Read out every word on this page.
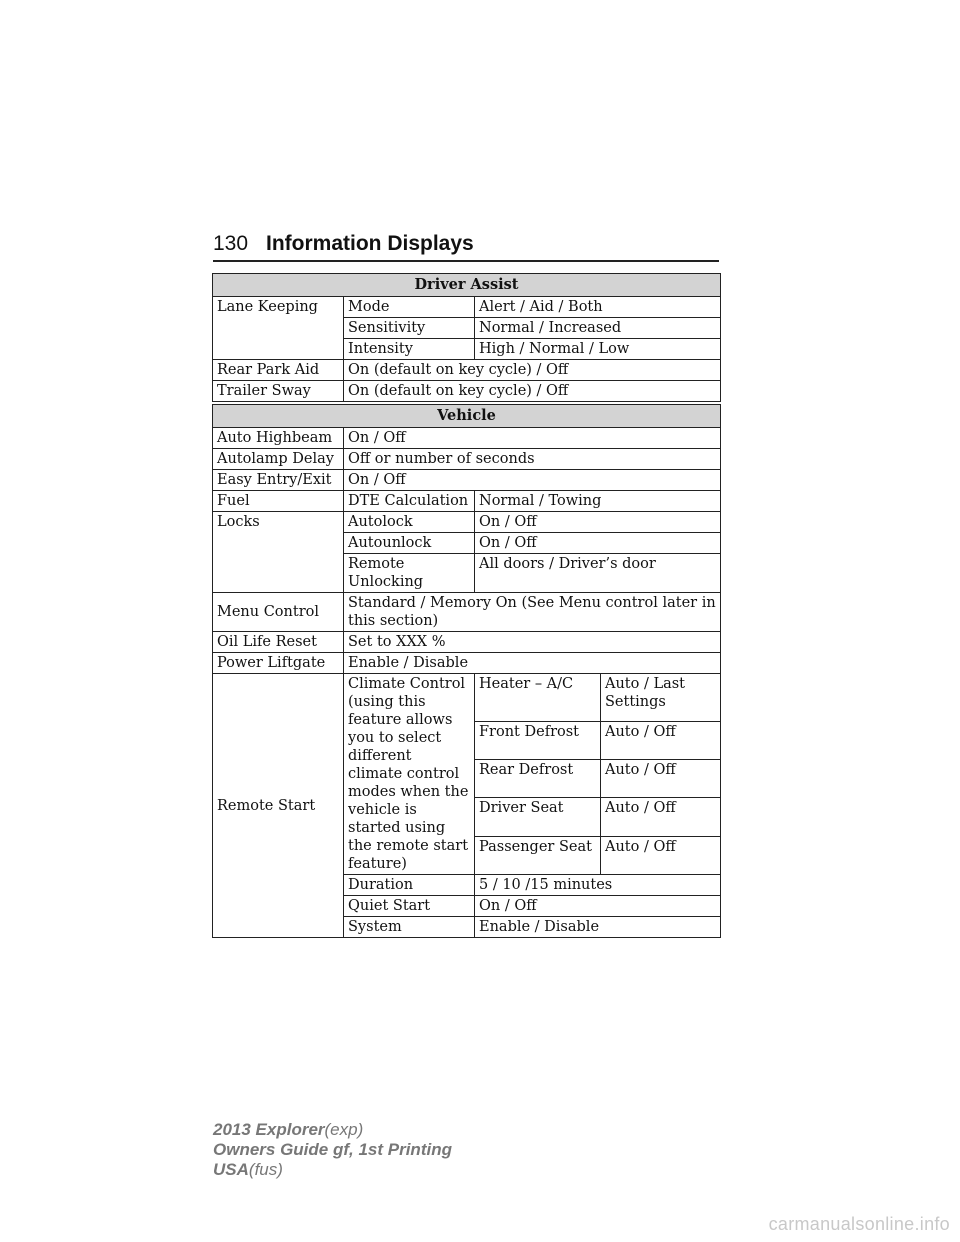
130 Information Displays
Driver Assist		
Lane Keeping	Mode	Alert / Aid / Both
	Sensitivity	Normal / Increased
	Intensity	High / Normal / Low
Rear Park Aid	On (default on key cycle) / Off	
Trailer Sway	On (default on key cycle) / Off	
Vehicle			
Auto Highbeam	On / Off		
Autolamp Delay	Off or number of seconds		
Easy Entry/Exit	On / Off		
Fuel	DTE Calculation	Normal / Towing	
Locks	Autolock	On / Off	
	Autounlock	On / Off	
	Remote Unlocking	All doors / Driver’s door	
Menu Control	Standard / Memory On (See Menu control later in this section)		
Oil Life Reset	Set to XXX %		
Power Liftgate	Enable / Disable		
Remote Start	Climate Control (using this feature allows you to select different climate control modes when the vehicle is started using the remote start feature)	Heater – A/C	Auto / Last Settings
		Front Defrost	Auto / Off
		Rear Defrost	Auto / Off
		Driver Seat	Auto / Off
		Passenger Seat	Auto / Off
	Duration	5 / 10 /15 minutes	
	Quiet Start	On / Off	
	System	Enable / Disable	
2013 Explorer(exp)
Owners Guide gf, 1st Printing
USA(fus)
carmanualsonline.info
